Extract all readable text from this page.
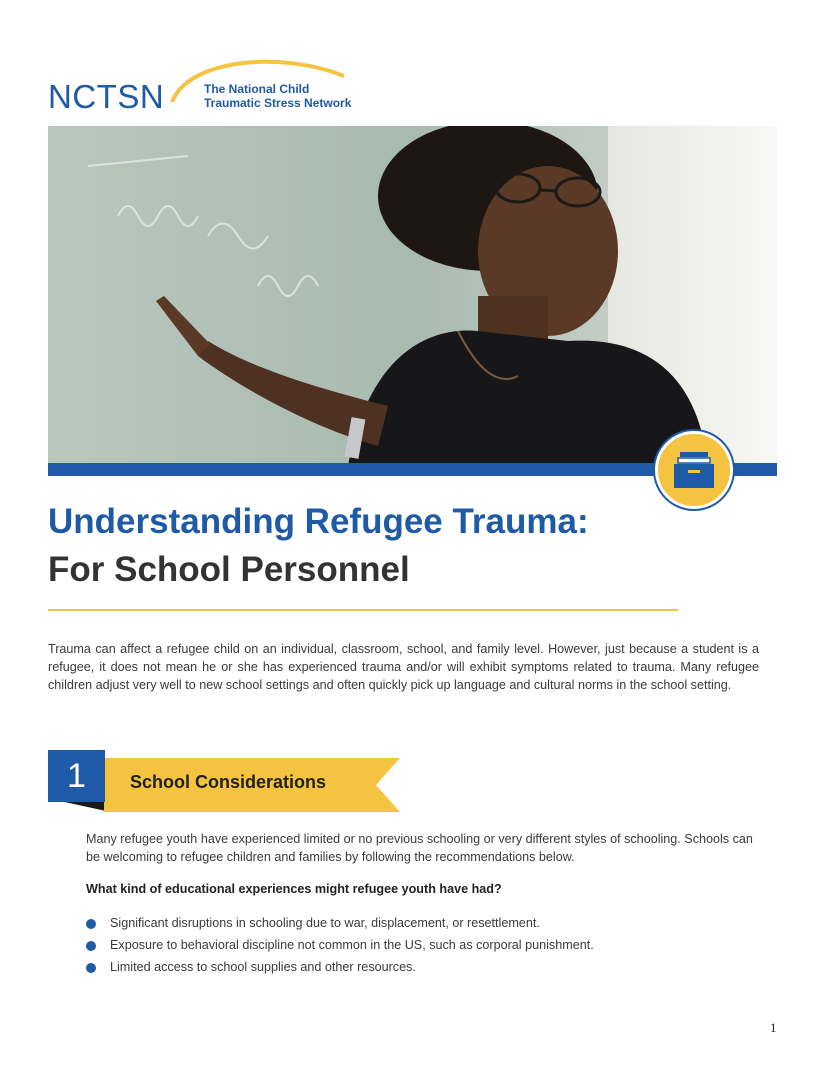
NCTSN	The National Child
Traumatic Stress Network
Understanding Refugee Trauma:
For School Personnel
Trauma can affect a refugee child on an individual, classroom, school, and family level. However, just because a student is a refugee, it does not mean he or she has experienced trauma and/or will exhibit symptoms related to trauma. Many refugee children adjust very well to new school settings and often quickly pick up language and cultural norms in the school setting.
1	School Considerations
Many refugee youth have experienced limited or no previous schooling or very different styles of schooling. Schools can be welcoming to refugee children and families by following the recommendations below.
What kind of educational experiences might refugee youth have had?
Significant disruptions in schooling due to war, displacement, or resettlement.
Exposure to behavioral discipline not common in the US, such as corporal punishment.
Limited access to school supplies and other resources.
1
